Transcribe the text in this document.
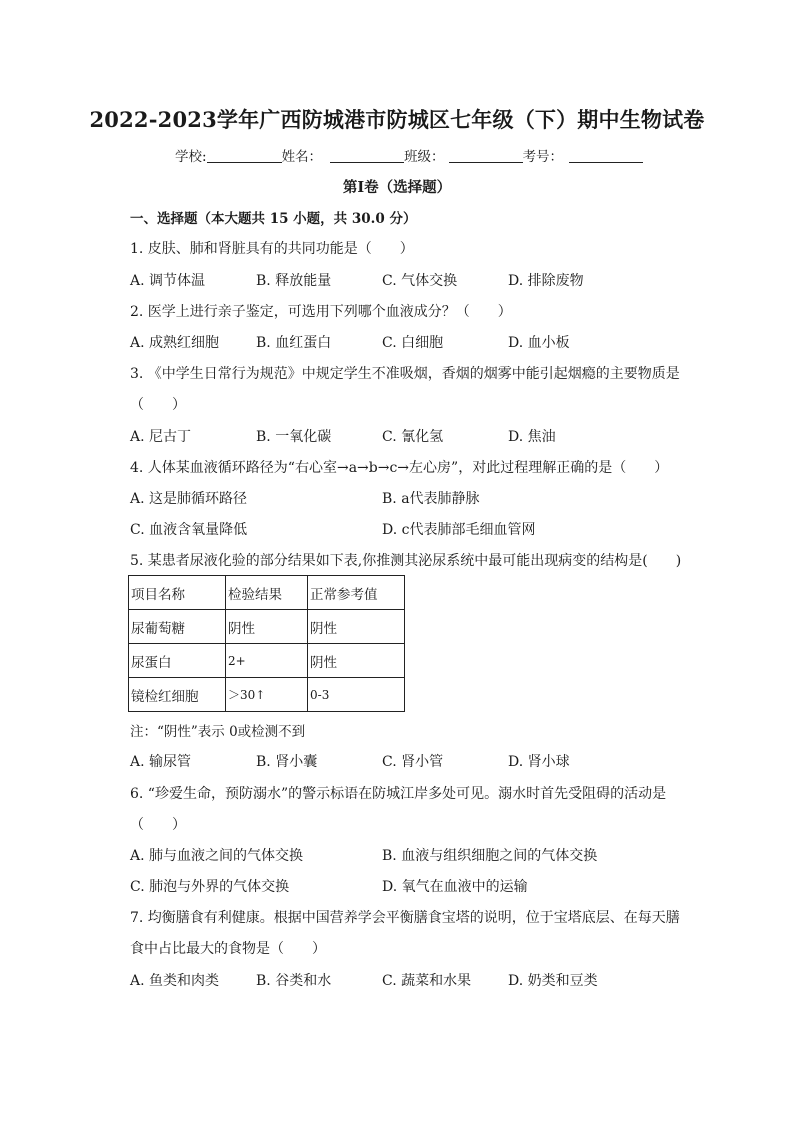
2022-2023学年广西防城港市防城区七年级（下）期中生物试卷
学校:	姓名：	班级：	考号：
第I卷（选择题）
一、选择题（本大题共 15 小题，共 30.0 分）
1. 皮肤、肺和肾脏具有的共同功能是（　　）
A. 调节体温	B. 释放能量	C. 气体交换	D. 排除废物
2. 医学上进行亲子鉴定，可选用下列哪个血液成分？（　　）
A. 成熟红细胞	B. 血红蛋白	C. 白细胞	D. 血小板
3. 《中学生日常行为规范》中规定学生不准吸烟，香烟的烟雾中能引起烟瘾的主要物质是
（　　）
A. 尼古丁	B. 一氧化碳	C. 氰化氢	D. 焦油
4. 人体某血液循环路径为“右心室→a→b→c→左心房”，对此过程理解正确的是（　　）
A. 这是肺循环路径	B. a代表肺静脉
C. 血液含氧量降低	D. c代表肺部毛细血管网
5. 某患者尿液化验的部分结果如下表,你推测其泌尿系统中最可能出现病变的结构是(　　)
项目名称	检验结果	正常参考值
尿葡萄糖	阴性	阴性
尿蛋白	2+	阴性
镜检红细胞	＞30↑	0-3
注：“阴性”表示 0或检测不到
A. 输尿管	B. 肾小囊	C. 肾小管	D. 肾小球
6. “珍爱生命，预防溺水”的警示标语在防城江岸多处可见。溺水时首先受阻碍的活动是
（　　）
A. 肺与血液之间的气体交换	B. 血液与组织细胞之间的气体交换
C. 肺泡与外界的气体交换	D. 氧气在血液中的运输
7. 均衡膳食有利健康。根据中国营养学会平衡膳食宝塔的说明，位于宝塔底层、在每天膳
食中占比最大的食物是（　　）
A. 鱼类和肉类	B. 谷类和水	C. 蔬菜和水果	D. 奶类和豆类
